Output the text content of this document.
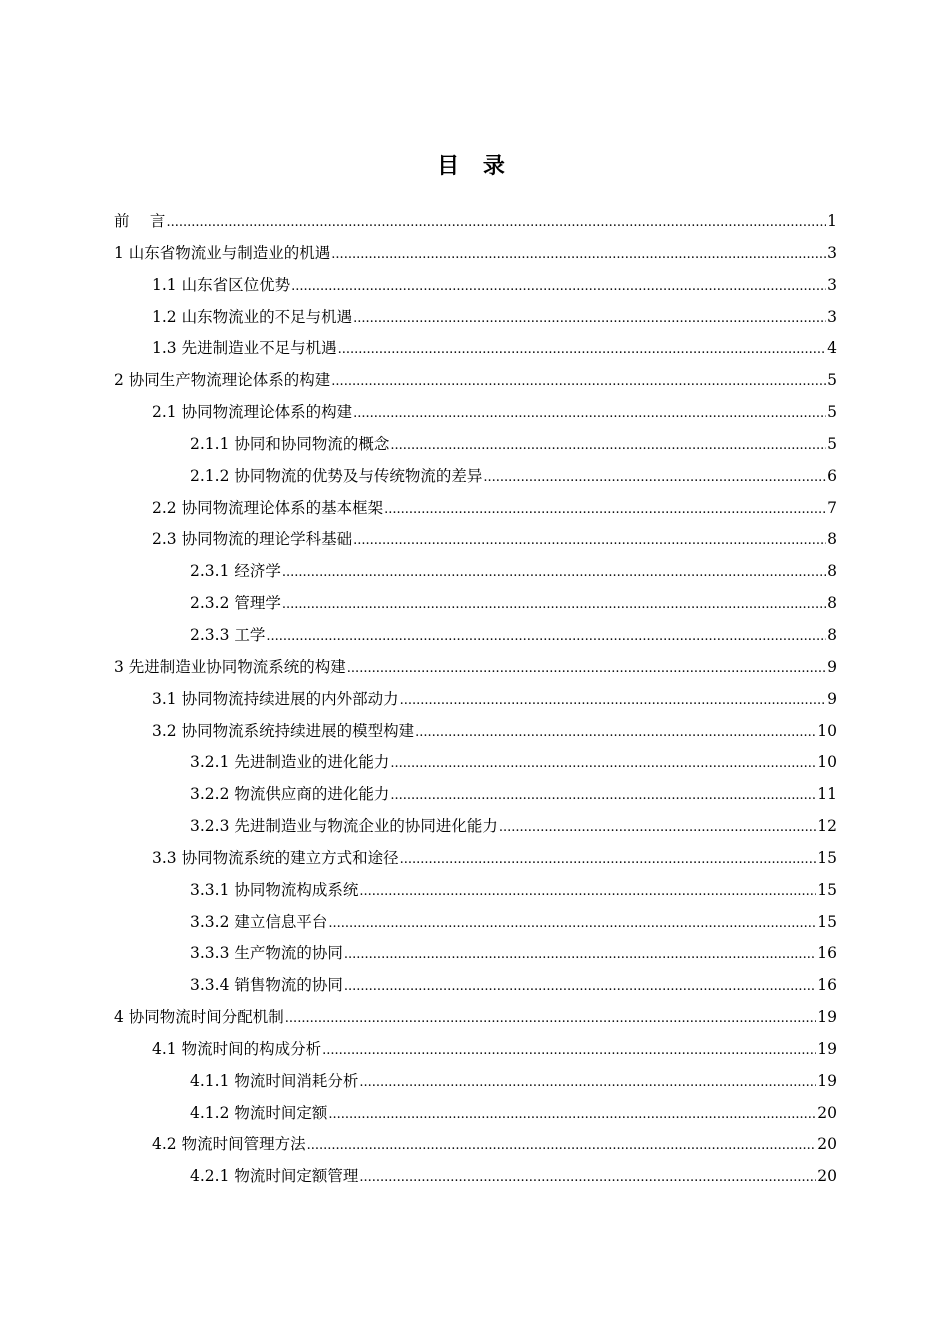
目 录
前　 言 .....	1
1 山东省物流业与制造业的机遇 .....	3
1.1 山东省区位优势 .....	3
1.2 山东物流业的不足与机遇 .....	3
1.3 先进制造业不足与机遇 .....	4
2 协同生产物流理论体系的构建 .....	5
2.1 协同物流理论体系的构建 .....	5
2.1.1 协同和协同物流的概念 .....	5
2.1.2 协同物流的优势及与传统物流的差异 .....	6
2.2 协同物流理论体系的基本框架 .....	7
2.3 协同物流的理论学科基础 .....	8
2.3.1 经济学 .....	8
2.3.2 管理学 .....	8
2.3.3 工学 .....	8
3 先进制造业协同物流系统的构建 .....	9
3.1 协同物流持续进展的内外部动力 .....	9
3.2 协同物流系统持续进展的模型构建 .....	10
3.2.1 先进制造业的进化能力 .....	10
3.2.2 物流供应商的进化能力 .....	11
3.2.3 先进制造业与物流企业的协同进化能力 .....	12
3.3 协同物流系统的建立方式和途径 .....	15
3.3.1 协同物流构成系统 .....	15
3.3.2 建立信息平台 .....	15
3.3.3 生产物流的协同 .....	16
3.3.4 销售物流的协同 .....	16
4 协同物流时间分配机制 .....	19
4.1 物流时间的构成分析 .....	19
4.1.1 物流时间消耗分析 .....	19
4.1.2 物流时间定额 .....	20
4.2 物流时间管理方法 .....	20
4.2.1 物流时间定额管理 .....	20
